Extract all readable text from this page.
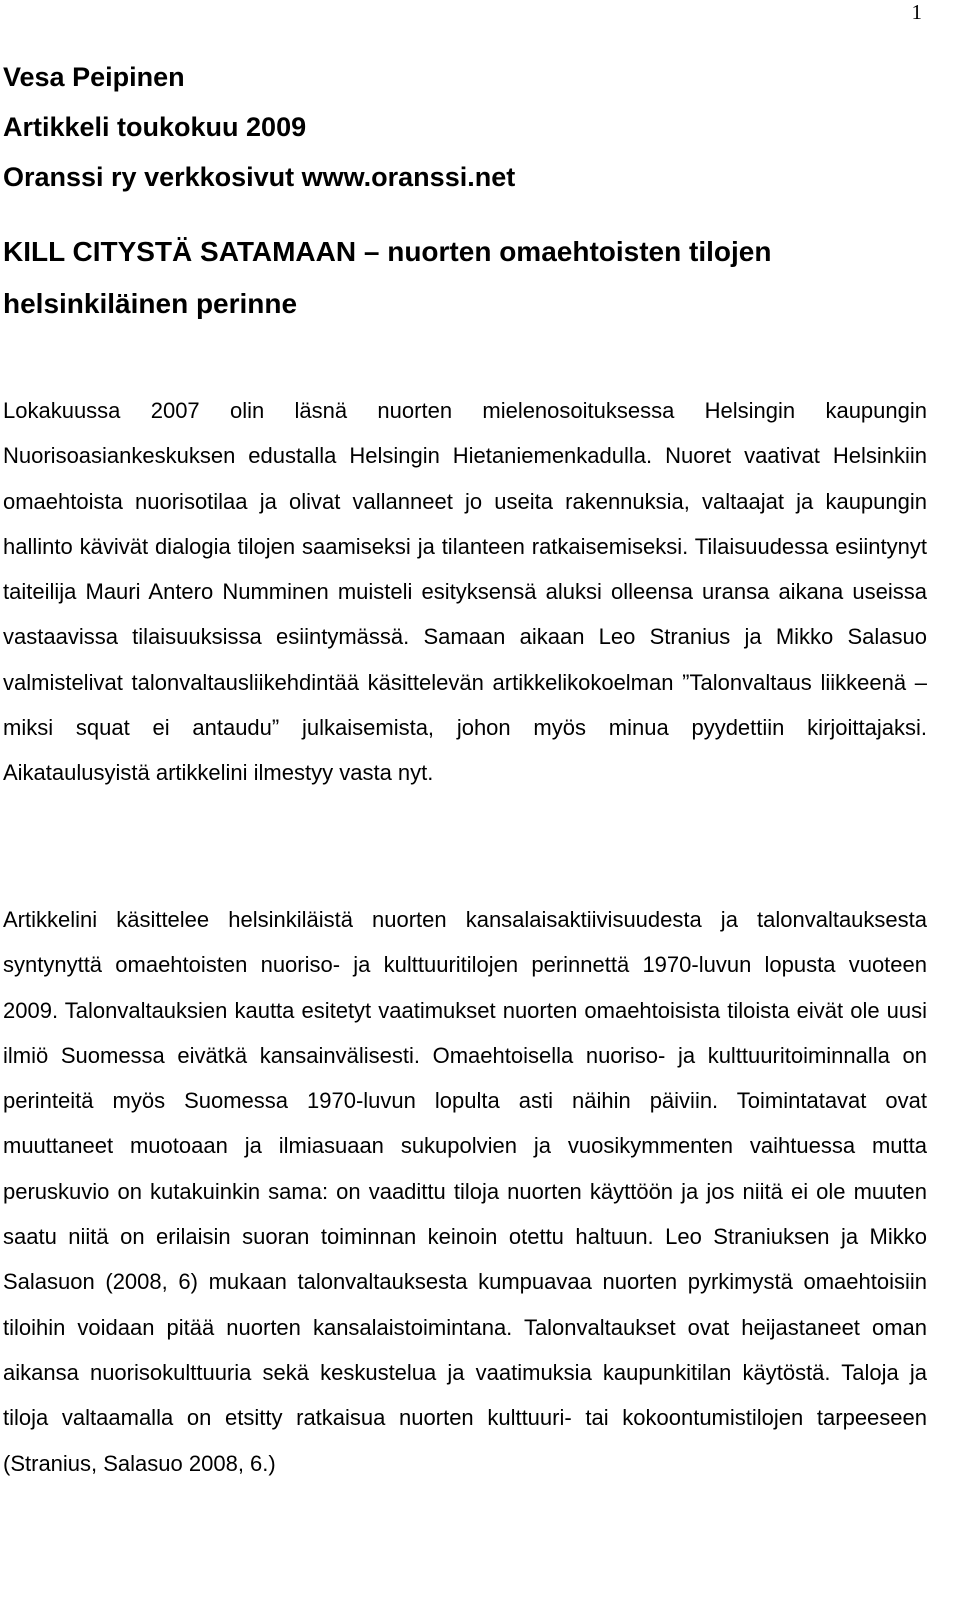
1
Vesa Peipinen
Artikkeli toukokuu 2009
Oranssi ry verkkosivut www.oranssi.net
KILL CITYSTÄ SATAMAAN – nuorten omaehtoisten tilojen helsinkiläinen perinne

Lokakuussa 2007 olin läsnä nuorten mielenosoituksessa Helsingin kaupungin Nuorisoasiankeskuksen edustalla Helsingin Hietaniemenkadulla. Nuoret vaativat Helsinkiin omaehtoista nuorisotilaa ja olivat vallanneet jo useita rakennuksia, valtaajat ja kaupungin hallinto kävivät dialogia tilojen saamiseksi ja tilanteen ratkaisemiseksi. Tilaisuudessa esiintynyt taiteilija Mauri Antero Numminen muisteli esityksensä aluksi olleensa uransa aikana useissa vastaavissa tilaisuuksissa esiintymässä. Samaan aikaan Leo Stranius ja Mikko Salasuo valmistelivat talonvaltausliikehdintää käsittelevän artikkelikokoelman ”Talonvaltaus liikkeenä – miksi squat ei antaudu” julkaisemista, johon myös minua pyydettiin kirjoittajaksi. Aikataulusyistä artikkelini ilmestyy vasta nyt.

Artikkelini käsittelee helsinkiläistä nuorten kansalaisaktiivisuudesta ja talonvaltauksesta syntynyttä omaehtoisten nuoriso- ja kulttuuritilojen perinnettä 1970-luvun lopusta vuoteen 2009. Talonvaltauksien kautta esitetyt vaatimukset nuorten omaehtoisista tiloista eivät ole uusi ilmiö Suomessa eivätkä kansainvälisesti. Omaehtoisella nuoriso- ja kulttuuritoiminnalla on perinteitä myös Suomessa 1970-luvun lopulta asti näihin päiviin. Toimintatavat ovat muuttaneet muotoaan ja ilmiasuaan sukupolvien ja vuosikymmenten vaihtuessa mutta peruskuvio on kutakuinkin sama: on vaadittu tiloja nuorten käyttöön ja jos niitä ei ole muuten saatu niitä on erilaisin suoran toiminnan keinoin otettu haltuun. Leo Straniuksen ja Mikko Salasuon (2008, 6) mukaan talonvaltauksesta kumpuavaa nuorten pyrkimystä omaehtoisiin tiloihin voidaan pitää nuorten kansalaistoimintana. Talonvaltaukset ovat heijastaneet oman aikansa nuorisokulttuuria sekä keskustelua ja vaatimuksia kaupunkitilan käytöstä. Taloja ja tiloja valtaamalla on etsitty ratkaisua nuorten kulttuuri- tai kokoontumistilojen tarpeeseen (Stranius, Salasuo 2008, 6.)
